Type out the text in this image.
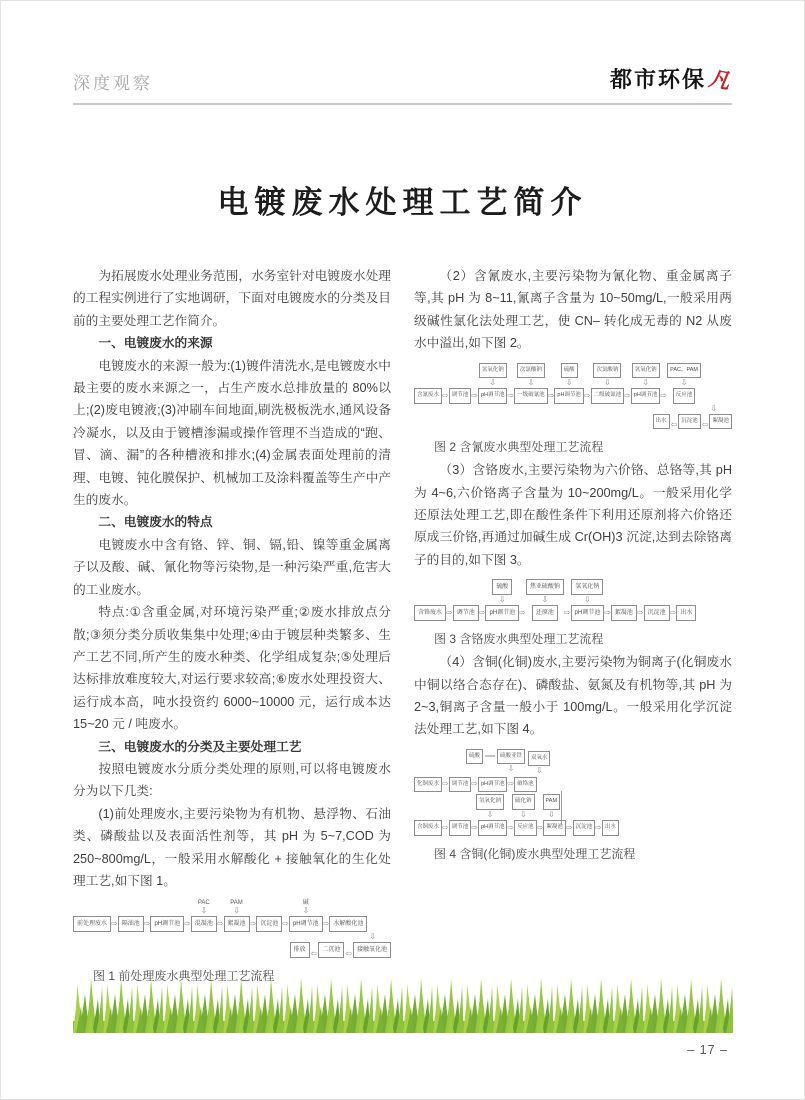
深度观察	都市环保 凡
电镀废水处理工艺简介

为拓展废水处理业务范围，水务室针对电镀废水处理的工程实例进行了实地调研，下面对电镀废水的分类及目前的主要处理工艺作简介。

一、电镀废水的来源

电镀废水的来源一般为:(1)镀件清洗水,是电镀废水中最主要的废水来源之一，占生产废水总排放量的 80%以上;(2)废电镀液;(3)冲刷车间地面,刷洗极板洗水,通风设备冷凝水，以及由于镀槽渗漏或操作管理不当造成的“跑、冒、滴、漏”的各种槽液和排水;(4)金属表面处理前的清理、电镀、钝化膜保护、机械加工及涂料覆盖等生产中产生的废水。

二、电镀废水的特点

电镀废水中含有铬、锌、铜、镉,铅、镍等重金属离子以及酸、碱、氰化物等污染物,是一种污染严重,危害大的工业废水。

特点:①含重金属,对环境污染严重;②废水排放点分散;③须分类分质收集集中处理;④由于镀层种类繁多、生产工艺不同,所产生的废水种类、化学组成复杂;⑤处理后达标排放难度较大,对运行要求较高;⑥废水处理投资大、运行成本高，吨水投资约 6000~10000 元，运行成本达 15~20 元 / 吨废水。

三、电镀废水的分类及主要处理工艺

按照电镀废水分质分类处理的原则,可以将电镀废水分为以下几类:

(1)前处理废水,主要污染物为有机物、悬浮物、石油类、磷酸盐以及表面活性剂等，其 pH 为 5~7,COD 为 250~800mg/L，一般采用水解酸化 + 接触氧化的生化处理工艺,如下图 1。

前处理废水 ⇨ 隔油池 ⇨ pH调节池 ⇨
PAC
⇩
混凝池 ⇨
PAM
⇩
絮凝池 ⇨ 沉淀池 ⇨
碱
⇩
pH调节池 ⇨ 水解酸化池
⇩
排放 ⇦ 二沉池 ⇦ 接触氧化池

（2）含氰废水,主要污染物为氰化物、重金属离子等,其 pH 为 8~11,氰离子含量为 10~50mg/L,一般采用两级碱性氯化法处理工艺，使 CN– 转化成无毒的 N2 从废水中溢出,如下图 2。

含氰废水 ⇨ 调节池 ⇨
氢氧化钠
⇩
pH调节池 ⇨
次氯酸钠
⇩
一级破氰池 ⇨
硫酸
⇩
pH调节池 ⇨
次氯酸钠
⇩
二级破氰池 ⇨
氢氧化钠
⇩
pH调节池 ⇨
PAC、PAM
⇩
反应池
⇩
出水 ⇦ 沉淀池 ⇦ 絮凝池
图 2 含氰废水典型处理工艺流程

（3）含铬废水,主要污染物为六价铬、总铬等,其 pH 为 4~6,六价铬离子含量为 10~200mg/L。一般采用化学还原法处理工艺,即在酸性条件下利用还原剂将六价铬还原成三价铬,再通过加碱生成 Cr(OH)3 沉淀,达到去除铬离子的目的,如下图 3。

含铬废水 ⇨ 调节池 ⇨
硫酸
⇩
pH调节池 ⇨
焦亚硫酸钠
⇩
还原池	⇨
氢氧化钠
⇩
pH调节池 ⇨ 絮凝池 ⇨ 沉淀池 ⇨ 出水
图 3 含铬废水典型处理工艺流程

（4）含铜(化铜)废水,主要污染物为铜离子(化铜废水中铜以络合态存在)、磷酸盐、氨氮及有机物等,其 pH 为 2~3,铜离子含量一般小于 100mg/L。一般采用化学沉淀法处理工艺,如下图 4。

硫酸 ══ 硫酸亚铁
⇩
双氧水
⇩
化铜废水 ⇨ 调节池 ⇨ pH调节池 ⇨ 破络池
氢氧化钠
⇩
硫化钠
⇩
PAM
⇩
含铜废水 ⇨ 调节池 ⇨ pH调节池 ⇨ 反应池 ⇨ 絮凝池 ⇨ 沉淀池 ⇨ 出水
图 4 含铜(化铜)废水典型处理工艺流程
– 17 –
